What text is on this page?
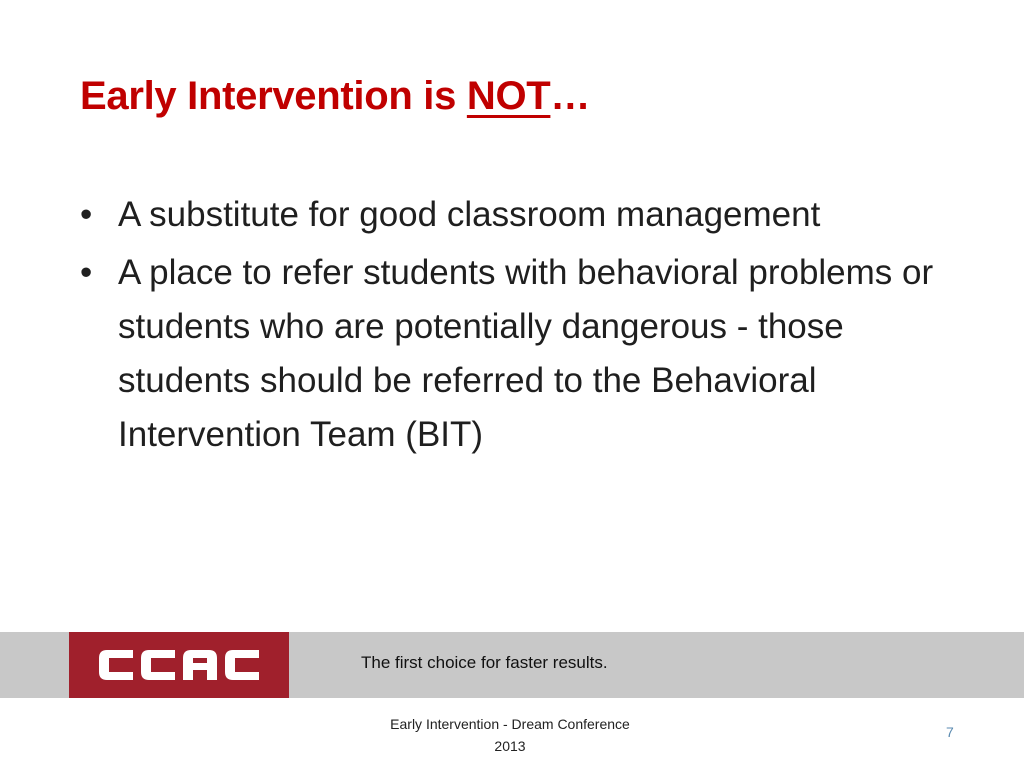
Early Intervention is NOT…
• A substitute for good classroom management
• A place to refer students with behavioral problems or students who are potentially dangerous - those students should be referred to the Behavioral Intervention Team (BIT)
The first choice for faster results.
Early Intervention - Dream Conference
2013
7
